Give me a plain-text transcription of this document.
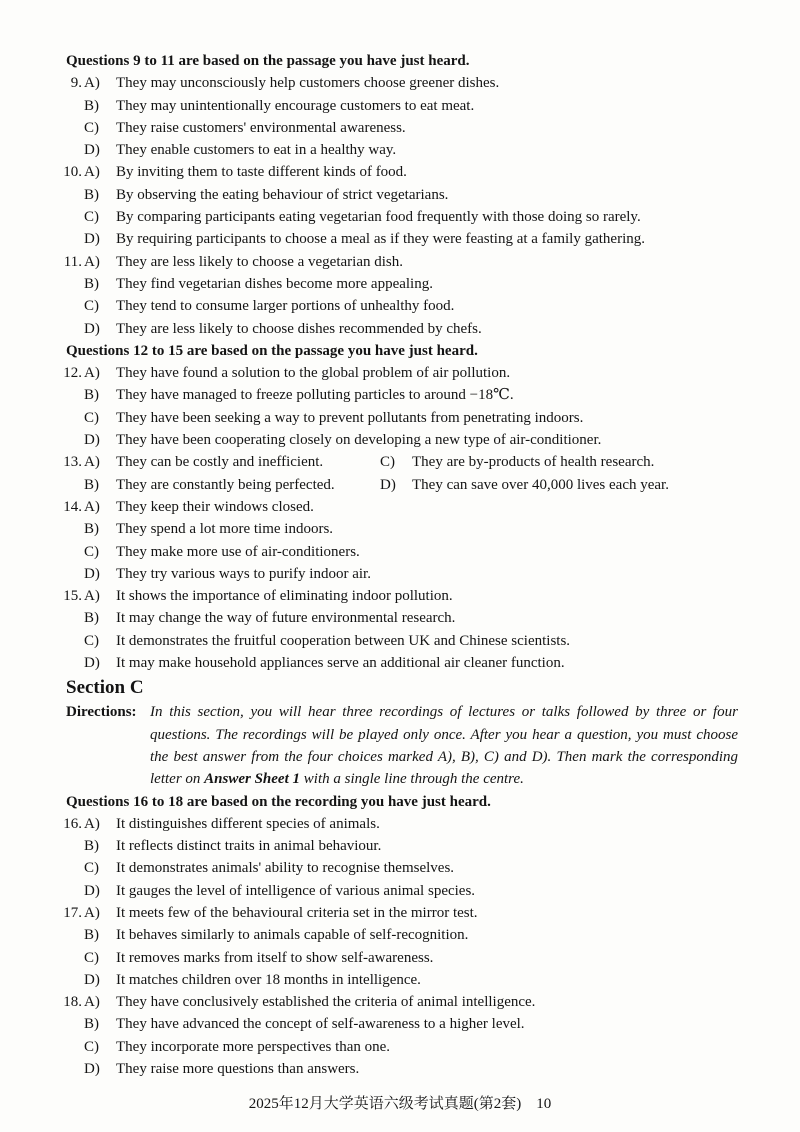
Questions 9 to 11 are based on the passage you have just heard.
9. A)	They may unconsciously help customers choose greener dishes.
B)	They may unintentionally encourage customers to eat meat.
C)	They raise customers' environmental awareness.
D)	They enable customers to eat in a healthy way.
10. A)	By inviting them to taste different kinds of food.
B)	By observing the eating behaviour of strict vegetarians.
C)	By comparing participants eating vegetarian food frequently with those doing so rarely.
D)	By requiring participants to choose a meal as if they were feasting at a family gathering.
11. A)	They are less likely to choose a vegetarian dish.
B)	They find vegetarian dishes become more appealing.
C)	They tend to consume larger portions of unhealthy food.
D)	They are less likely to choose dishes recommended by chefs.
Questions 12 to 15 are based on the passage you have just heard.
12. A)	They have found a solution to the global problem of air pollution.
B)	They have managed to freeze polluting particles to around −18℃.
C)	They have been seeking a way to prevent pollutants from penetrating indoors.
D)	They have been cooperating closely on developing a new type of air-conditioner.
13. A)	They can be costly and inefficient.	C)	They are by-products of health research.
B)	They are constantly being perfected.	D)	They can save over 40,000 lives each year.
14. A)	They keep their windows closed.
B)	They spend a lot more time indoors.
C)	They make more use of air-conditioners.
D)	They try various ways to purify indoor air.
15. A)	It shows the importance of eliminating indoor pollution.
B)	It may change the way of future environmental research.
C)	It demonstrates the fruitful cooperation between UK and Chinese scientists.
D)	It may make household appliances serve an additional air cleaner function.
Section C
Directions: In this section, you will hear three recordings of lectures or talks followed by three or four questions. The recordings will be played only once. After you hear a question, you must choose the best answer from the four choices marked A), B), C) and D). Then mark the corresponding letter on Answer Sheet 1 with a single line through the centre.
Questions 16 to 18 are based on the recording you have just heard.
16. A)	It distinguishes different species of animals.
B)	It reflects distinct traits in animal behaviour.
C)	It demonstrates animals' ability to recognise themselves.
D)	It gauges the level of intelligence of various animal species.
17. A)	It meets few of the behavioural criteria set in the mirror test.
B)	It behaves similarly to animals capable of self-recognition.
C)	It removes marks from itself to show self-awareness.
D)	It matches children over 18 months in intelligence.
18. A)	They have conclusively established the criteria of animal intelligence.
B)	They have advanced the concept of self-awareness to a higher level.
C)	They incorporate more perspectives than one.
D)	They raise more questions than answers.
2025年12月大学英语六级考试真题(第2套)　10
